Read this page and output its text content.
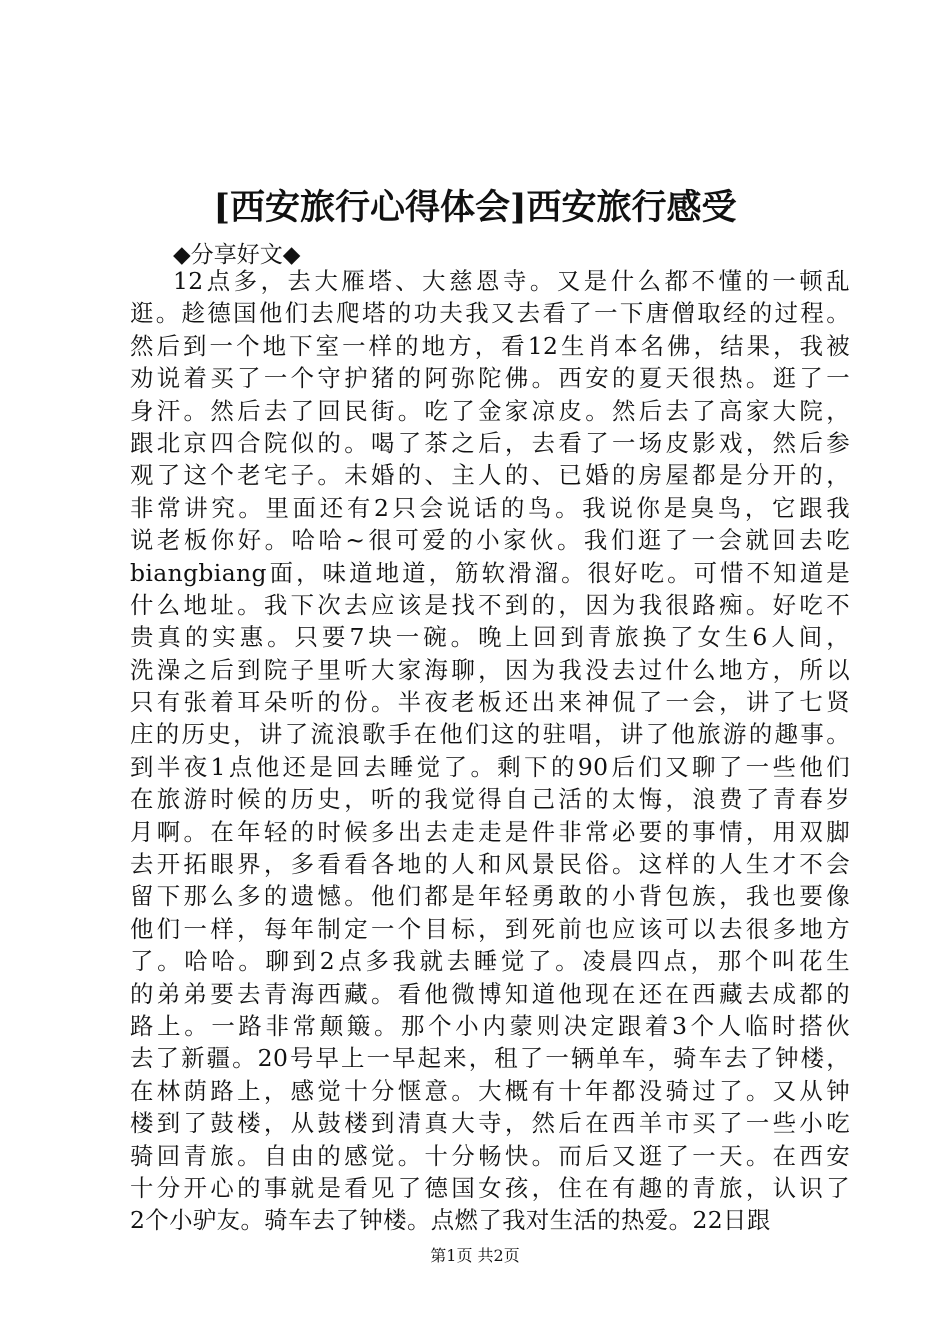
[西安旅行心得体会]西安旅行感受

◆分享好文◆

12点多，去大雁塔、大慈恩寺。又是什么都不懂的一顿乱
逛。趁德国他们去爬塔的功夫我又去看了一下唐僧取经的过程。
然后到一个地下室一样的地方，看12生肖本名佛，结果，我被
劝说着买了一个守护猪的阿弥陀佛。西安的夏天很热。逛了一
身汗。然后去了回民街。吃了金家凉皮。然后去了高家大院，
跟北京四合院似的。喝了茶之后，去看了一场皮影戏，然后参
观了这个老宅子。未婚的、主人的、已婚的房屋都是分开的，
非常讲究。里面还有2只会说话的鸟。我说你是臭鸟，它跟我
说老板你好。哈哈~很可爱的小家伙。我们逛了一会就回去吃
biangbiang面，味道地道，筋软滑溜。很好吃。可惜不知道是
什么地址。我下次去应该是找不到的，因为我很路痴。好吃不
贵真的实惠。只要7块一碗。晚上回到青旅换了女生6人间，
洗澡之后到院子里听大家海聊，因为我没去过什么地方，所以
只有张着耳朵听的份。半夜老板还出来神侃了一会，讲了七贤
庄的历史，讲了流浪歌手在他们这的驻唱，讲了他旅游的趣事。
到半夜1点他还是回去睡觉了。剩下的90后们又聊了一些他们
在旅游时候的历史，听的我觉得自己活的太悔，浪费了青春岁
月啊。在年轻的时候多出去走走是件非常必要的事情，用双脚
去开拓眼界，多看看各地的人和风景民俗。这样的人生才不会
留下那么多的遗憾。他们都是年轻勇敢的小背包族，我也要像
他们一样，每年制定一个目标，到死前也应该可以去很多地方
了。哈哈。聊到2点多我就去睡觉了。凌晨四点，那个叫花生
的弟弟要去青海西藏。看他微博知道他现在还在西藏去成都的
路上。一路非常颠簸。那个小内蒙则决定跟着3个人临时搭伙
去了新疆。20号早上一早起来，租了一辆单车，骑车去了钟楼，
在林荫路上，感觉十分惬意。大概有十年都没骑过了。又从钟
楼到了鼓楼，从鼓楼到清真大寺，然后在西羊市买了一些小吃
骑回青旅。自由的感觉。十分畅快。而后又逛了一天。在西安
十分开心的事就是看见了德国女孩，住在有趣的青旅，认识了
2个小驴友。骑车去了钟楼。点燃了我对生活的热爱。22日跟
第1页 共2页
